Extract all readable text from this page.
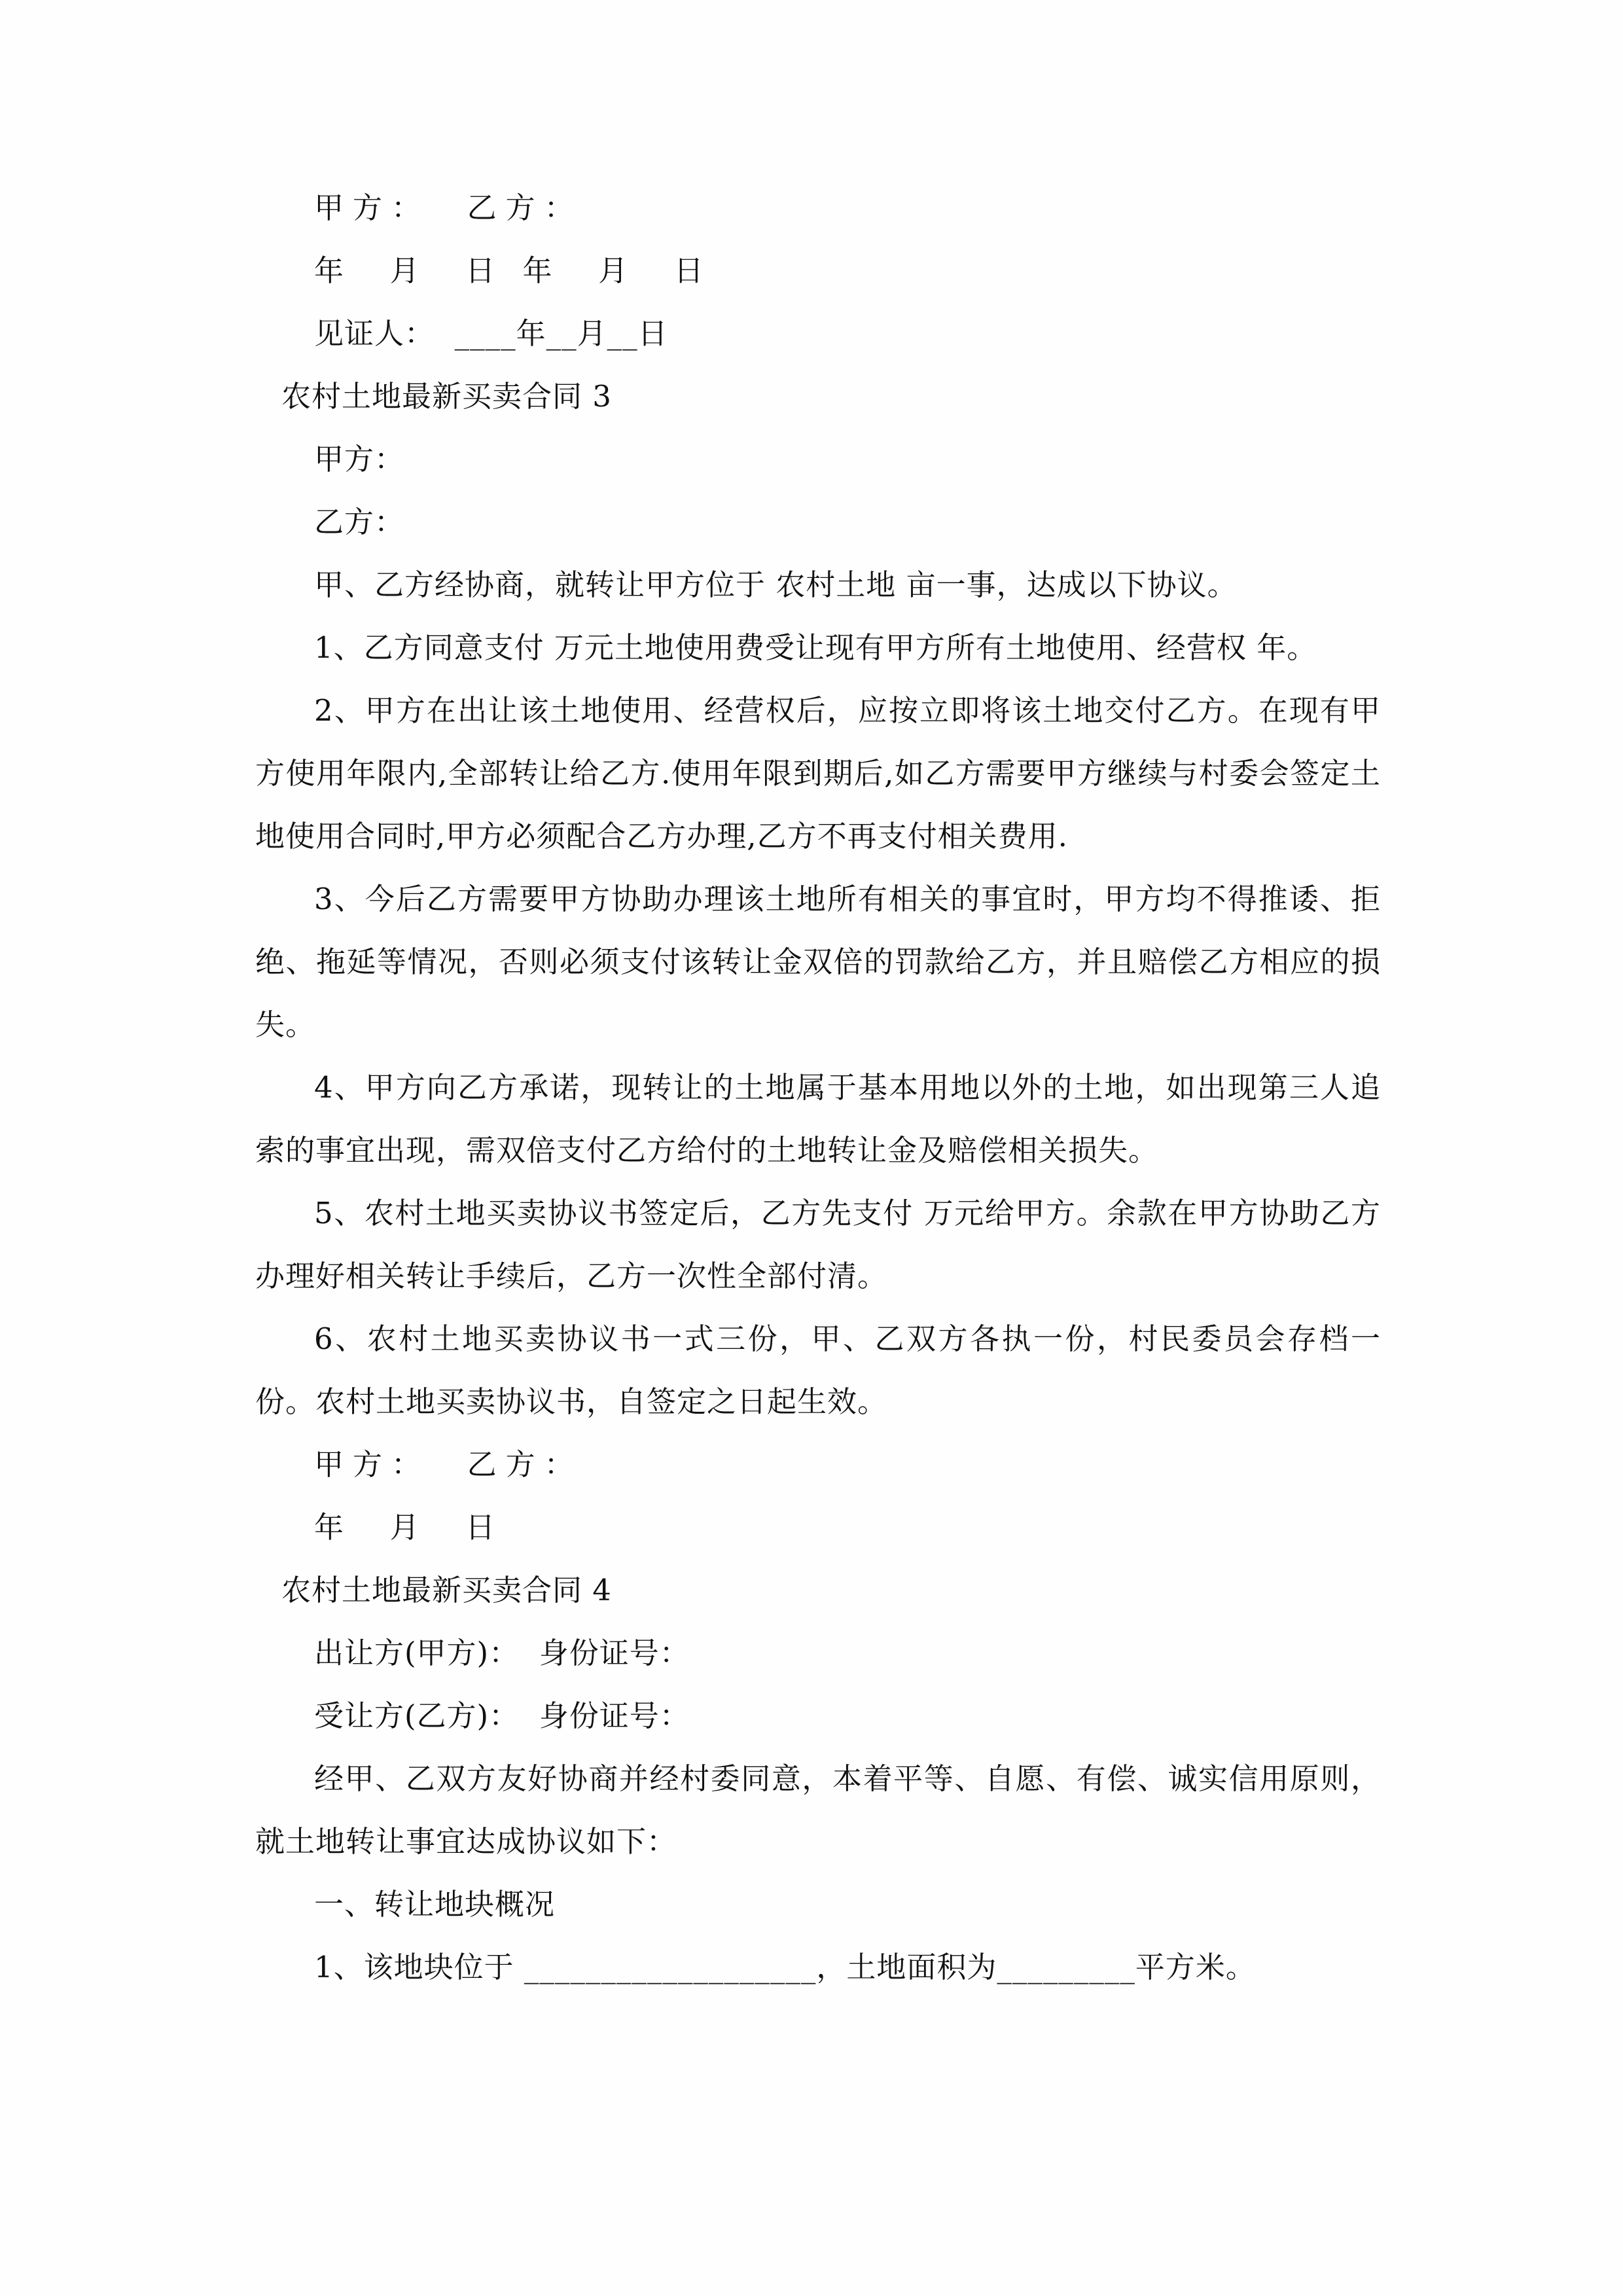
甲方：  乙方：
年  月  日 年  月  日
见证人：  ____年__月__日
农村土地最新买卖合同 3
甲方：
乙方：
甲、乙方经协商，就转让甲方位于 农村土地 亩一事，达成以下协议。
1、乙方同意支付 万元土地使用费受让现有甲方所有土地使用、经营权 年。
2、甲方在出让该土地使用、经营权后，应按立即将该土地交付乙方。在现有甲方使用年限内,全部转让给乙方.使用年限到期后,如乙方需要甲方继续与村委会签定土地使用合同时,甲方必须配合乙方办理,乙方不再支付相关费用.
3、今后乙方需要甲方协助办理该土地所有相关的事宜时，甲方均不得推诿、拒绝、拖延等情况，否则必须支付该转让金双倍的罚款给乙方，并且赔偿乙方相应的损失。
4、甲方向乙方承诺，现转让的土地属于基本用地以外的土地，如出现第三人追索的事宜出现，需双倍支付乙方给付的土地转让金及赔偿相关损失。
5、农村土地买卖协议书签定后，乙方先支付 万元给甲方。余款在甲方协助乙方办理好相关转让手续后，乙方一次性全部付清。
6、农村土地买卖协议书一式三份，甲、乙双方各执一份，村民委员会存档一份。农村土地买卖协议书，自签定之日起生效。
甲方：  乙方：
年  月  日
农村土地最新买卖合同 4
出让方(甲方)：  身份证号：
受让方(乙方)：  身份证号：
经甲、乙双方友好协商并经村委同意，本着平等、自愿、有偿、诚实信用原则，就土地转让事宜达成协议如下：
一、转让地块概况
1、该地块位于 ___________________，土地面积为_________平方米。
